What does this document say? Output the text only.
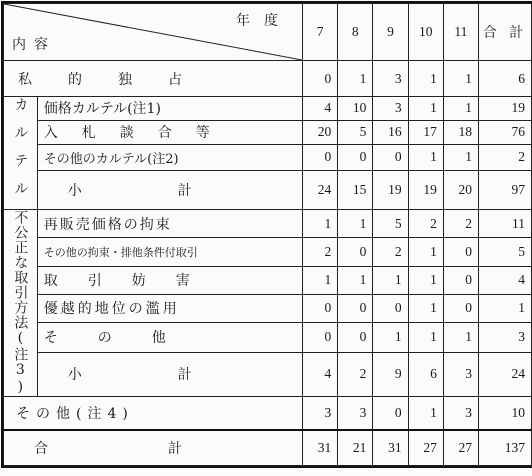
年度
内容		7	8	9	10	11	合 計

私的独占		0	1	3	1	1	6

カルテル	価格カルテル(注1)	4	10	3	1	1	19

	入札談合等	20	5	16	17	18	76

	その他のカルテル(注2)	0	0	0	1	1	2

	小計	24	15	19	19	20	97

不公正な取引方法(注3)	再販売価格の拘束	1	1	5	2	2	11

	その他の拘束・排他条件付取引	2	0	2	1	0	5

	取引妨害	1	1	1	1	0	4

	優越的地位の濫用	0	0	0	1	0	1

	その他	0	0	1	1	1	3

	小計	4	2	9	6	3	24

その他(注4)		3	3	0	1	3	10

合計		31	21	31	27	27	137
